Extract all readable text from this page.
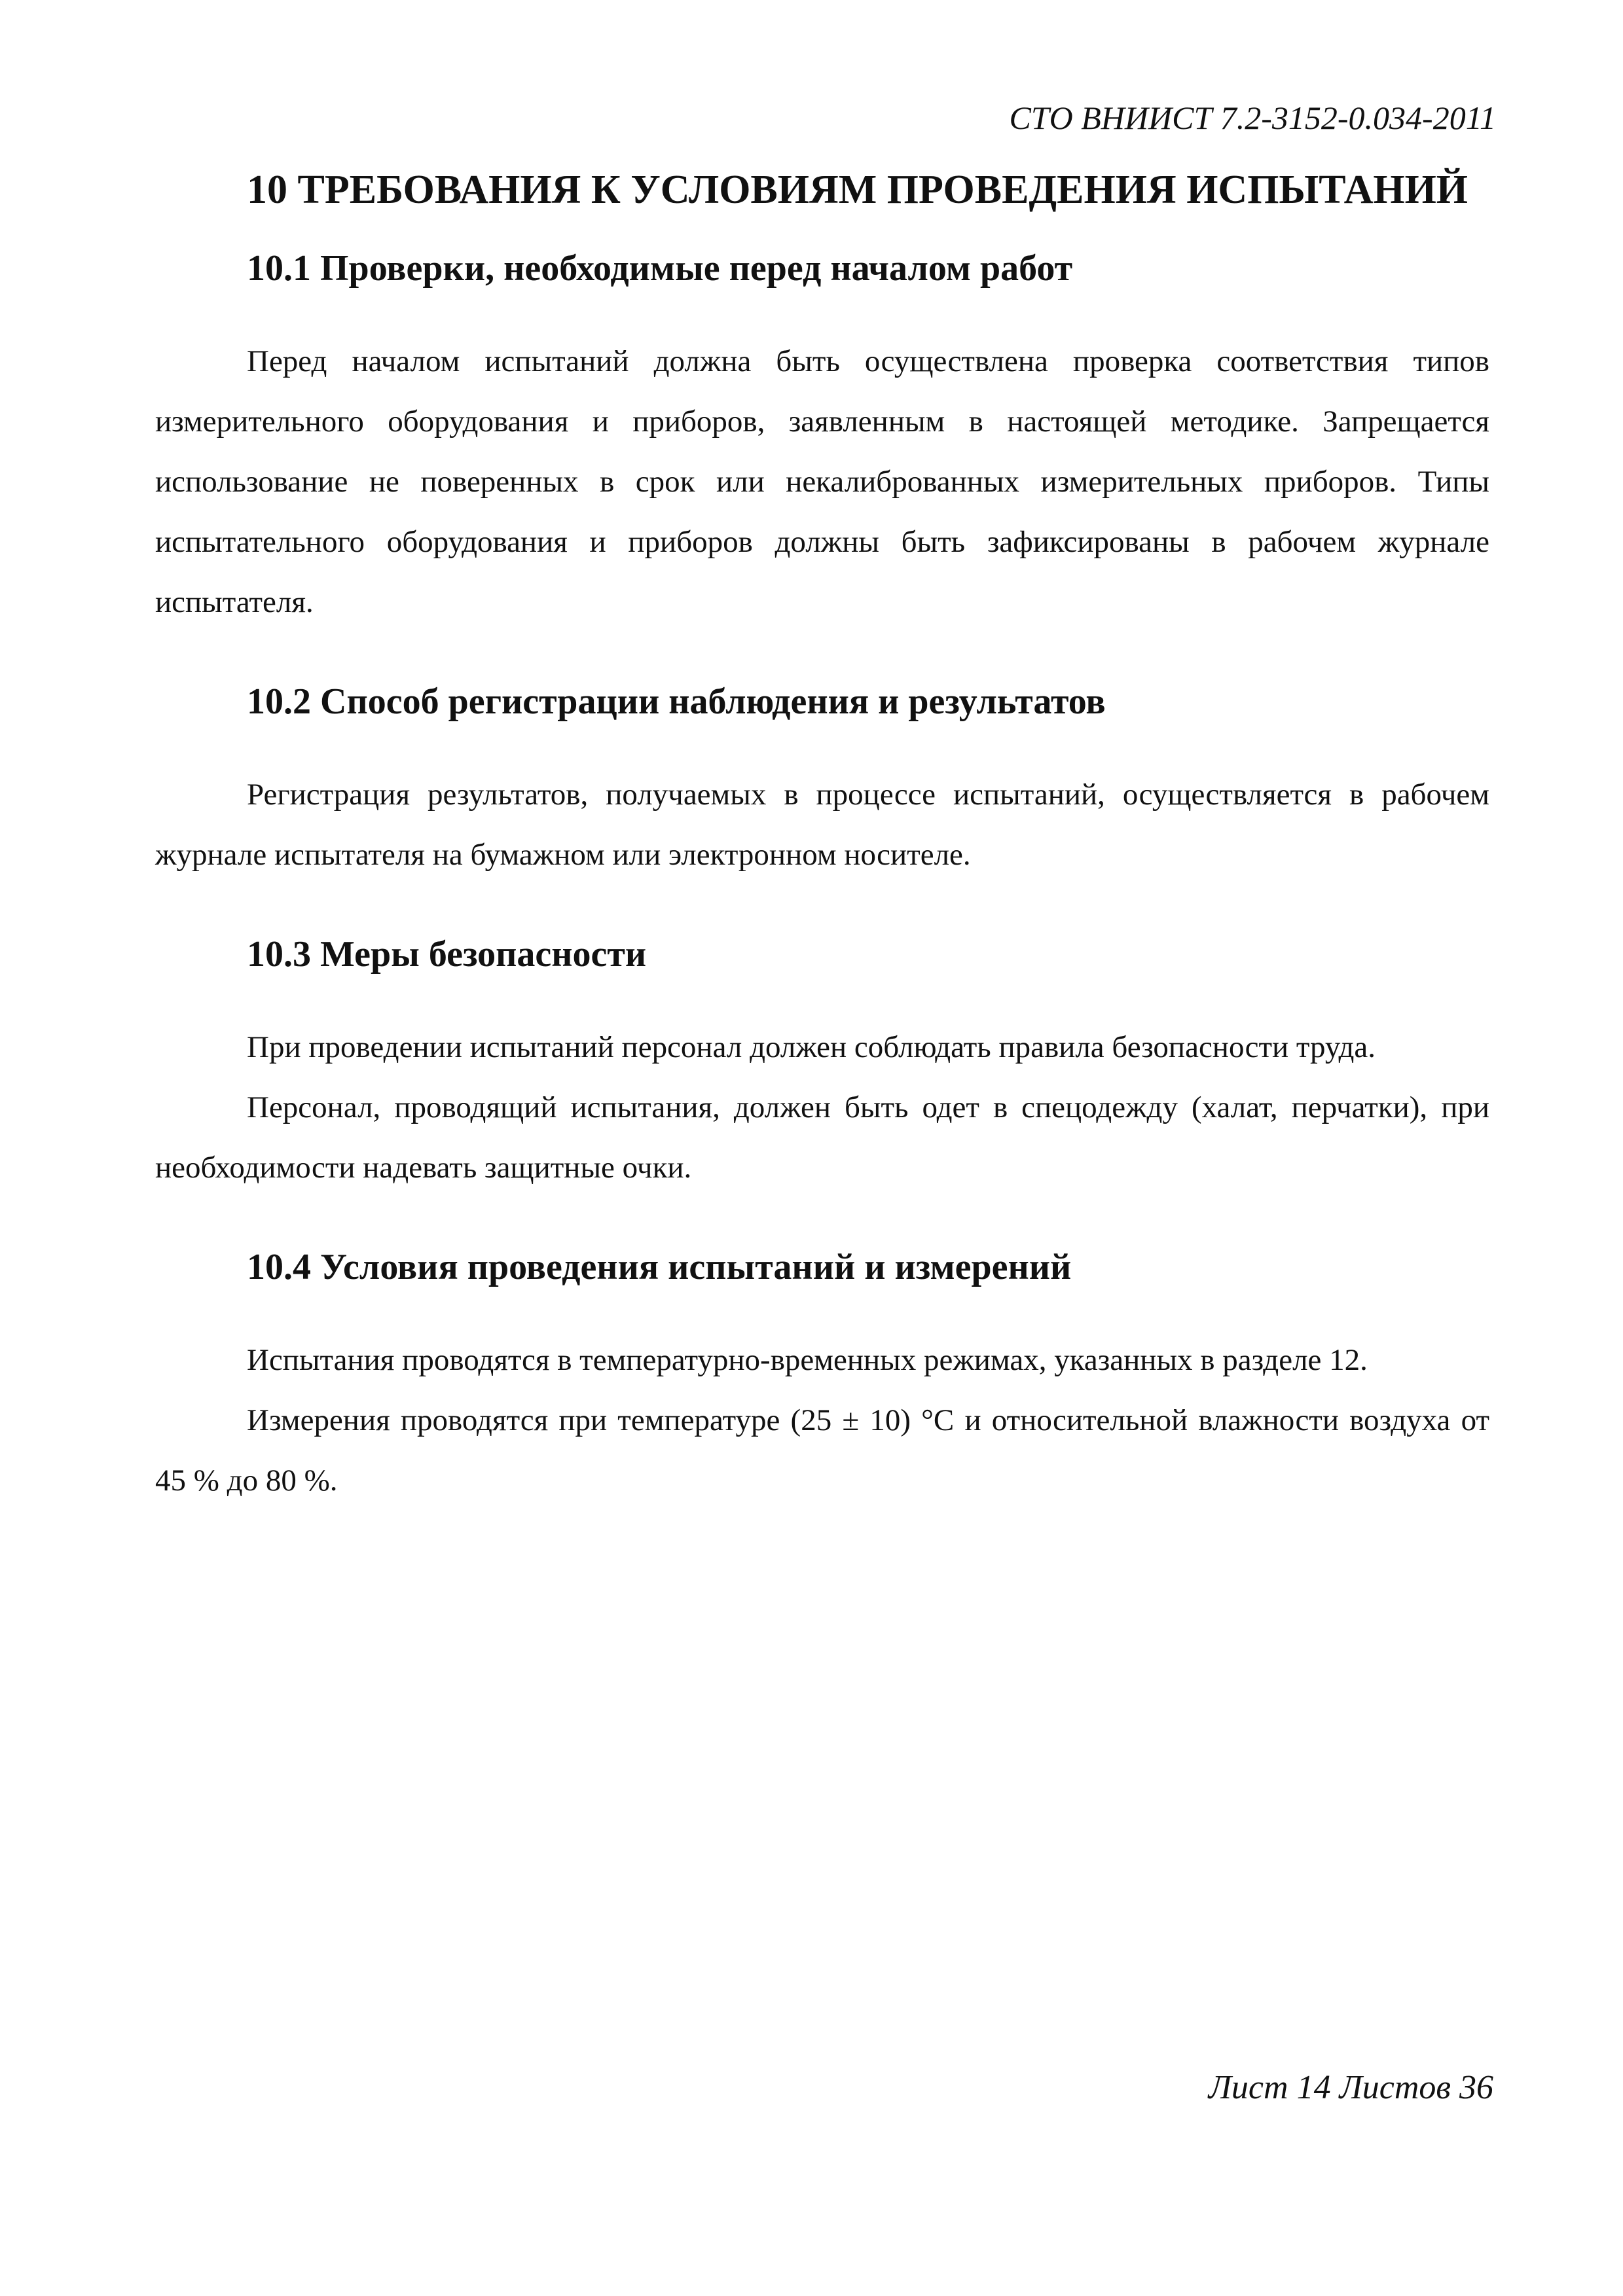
СТО ВНИИСТ 7.2-3152-0.034-2011
10 ТРЕБОВАНИЯ К УСЛОВИЯМ ПРОВЕДЕНИЯ ИСПЫТАНИЙ
10.1 Проверки, необходимые перед началом работ

Перед началом испытаний должна быть осуществлена проверка соответствия типов измерительного оборудования и приборов, заявленным в настоящей методике. Запрещается использование не поверенных в срок или некалиброванных измерительных приборов. Типы испытательного оборудования и приборов должны быть зафиксированы в рабочем журнале испытателя.

10.2 Способ регистрации наблюдения и результатов

Регистрация результатов, получаемых в процессе испытаний, осуществляется в рабочем журнале испытателя на бумажном или электронном носителе.

10.3 Меры безопасности

При проведении испытаний персонал должен соблюдать правила безопасности труда.

Персонал, проводящий испытания, должен быть одет в спецодежду (халат, перчатки), при необходимости надевать защитные очки.

10.4 Условия проведения испытаний и измерений

Испытания проводятся в температурно-временных режимах, указанных в разделе 12.

Измерения проводятся при температуре (25 ± 10) °С и относительной влажности воздуха от 45 % до 80 %.

Лист 14 Листов 36
